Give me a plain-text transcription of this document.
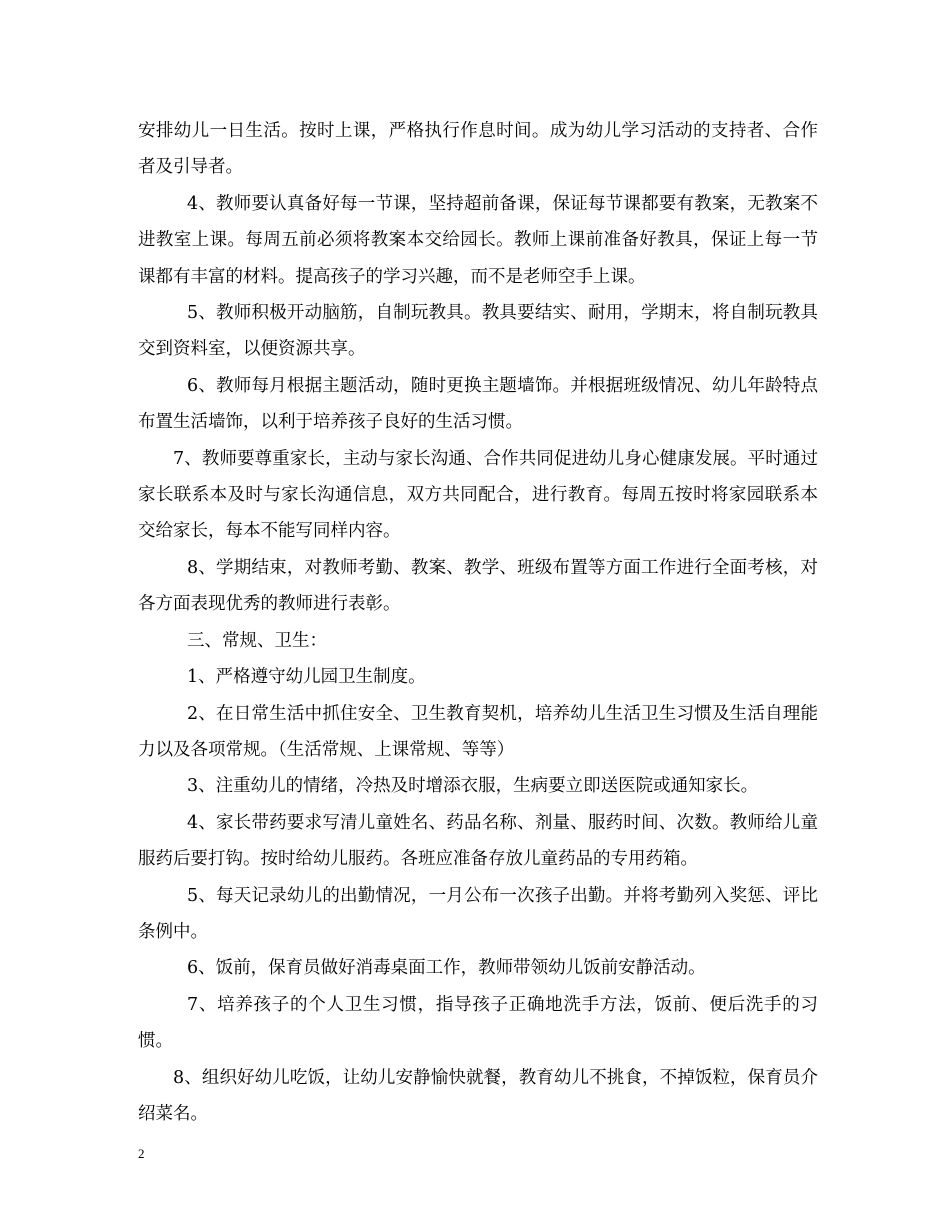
安排幼儿一日生活。按时上课，严格执行作息时间。成为幼儿学习活动的支持者、合作者及引导者。

4、教师要认真备好每一节课，坚持超前备课，保证每节课都要有教案，无教案不进教室上课。每周五前必须将教案本交给园长。教师上课前准备好教具，保证上每一节课都有丰富的材料。提高孩子的学习兴趣，而不是老师空手上课。

5、教师积极开动脑筋，自制玩教具。教具要结实、耐用，学期末，将自制玩教具交到资料室，以便资源共享。

6、教师每月根据主题活动，随时更换主题墙饰。并根据班级情况、幼儿年龄特点布置生活墙饰，以利于培养孩子良好的生活习惯。

7、教师要尊重家长，主动与家长沟通、合作共同促进幼儿身心健康发展。平时通过家长联系本及时与家长沟通信息，双方共同配合，进行教育。每周五按时将家园联系本交给家长，每本不能写同样内容。

8、学期结束，对教师考勤、教案、教学、班级布置等方面工作进行全面考核，对各方面表现优秀的教师进行表彰。

三、常规、卫生：

1、严格遵守幼儿园卫生制度。

2、在日常生活中抓住安全、卫生教育契机，培养幼儿生活卫生习惯及生活自理能力以及各项常规。（生活常规、上课常规、等等）

3、注重幼儿的情绪，冷热及时增添衣服，生病要立即送医院或通知家长。

4、家长带药要求写清儿童姓名、药品名称、剂量、服药时间、次数。教师给儿童服药后要打钩。按时给幼儿服药。各班应准备存放儿童药品的专用药箱。

5、每天记录幼儿的出勤情况，一月公布一次孩子出勤。并将考勤列入奖惩、评比条例中。

6、饭前，保育员做好消毒桌面工作，教师带领幼儿饭前安静活动。

7、培养孩子的个人卫生习惯，指导孩子正确地洗手方法，饭前、便后洗手的习惯。

8、组织好幼儿吃饭，让幼儿安静愉快就餐，教育幼儿不挑食，不掉饭粒，保育员介绍菜名。

2
